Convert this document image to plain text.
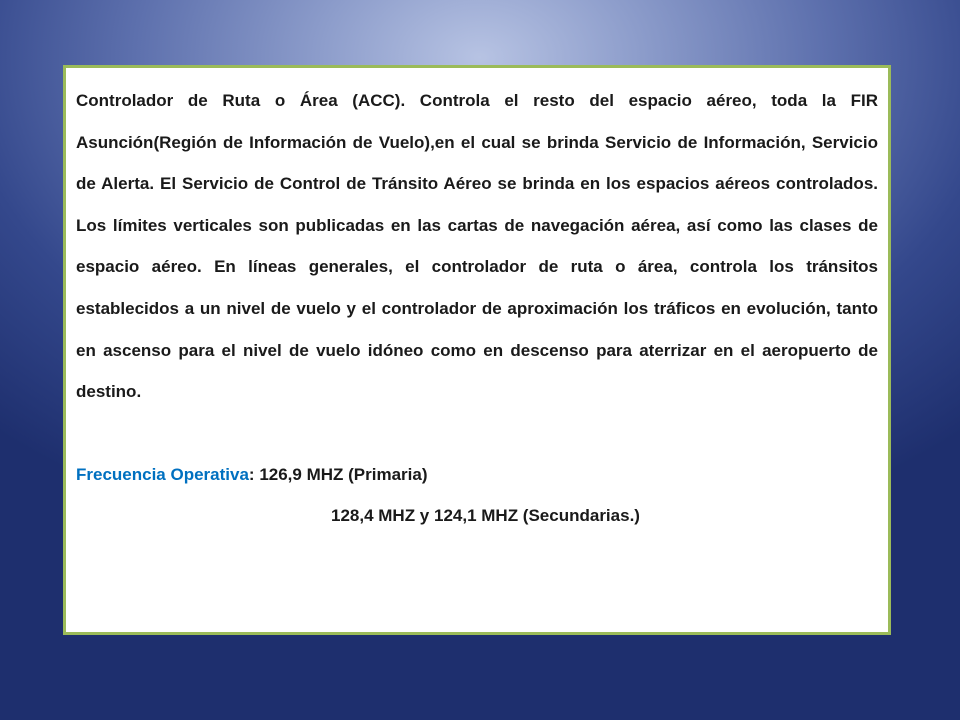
Controlador de Ruta o Área (ACC). Controla el resto del espacio aéreo, toda la FIR Asunción(Región de Información de Vuelo),en el cual se brinda Servicio de Información, Servicio de Alerta. El Servicio de Control de Tránsito Aéreo se brinda en los espacios aéreos controlados. Los límites verticales son publicadas en las cartas de navegación aérea, así como las clases de espacio aéreo. En líneas generales, el controlador de ruta o área, controla los tránsitos establecidos a un nivel de vuelo y el controlador de aproximación los tráficos en evolución, tanto en ascenso para el nivel de vuelo idóneo como en descenso para aterrizar en el aeropuerto de destino.

Frecuencia Operativa: 126,9 MHZ (Primaria)

128,4 MHZ y 124,1 MHZ (Secundarias.)
